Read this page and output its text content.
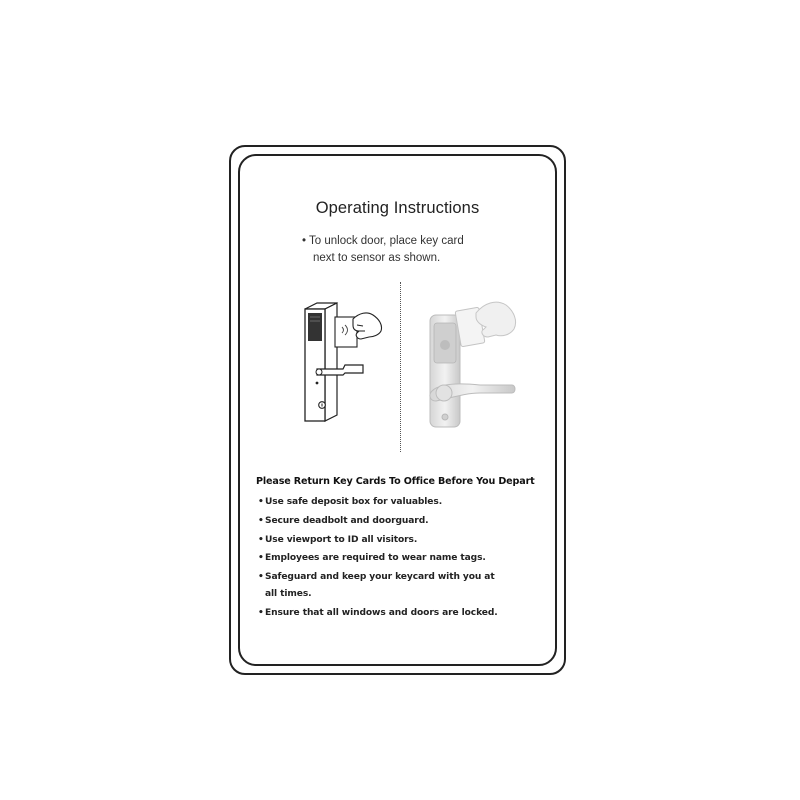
Operating Instructions
• To unlock door, place key card
next to sensor as shown.
Please Return Key Cards To Office Before You Depart
•Use safe deposit box for valuables.
•Secure deadbolt and doorguard.
•Use viewport to ID all visitors.
•Employees are required to wear name tags.
•Safeguard and keep your keycard with you at
all times.
•Ensure that all windows and doors are locked.
